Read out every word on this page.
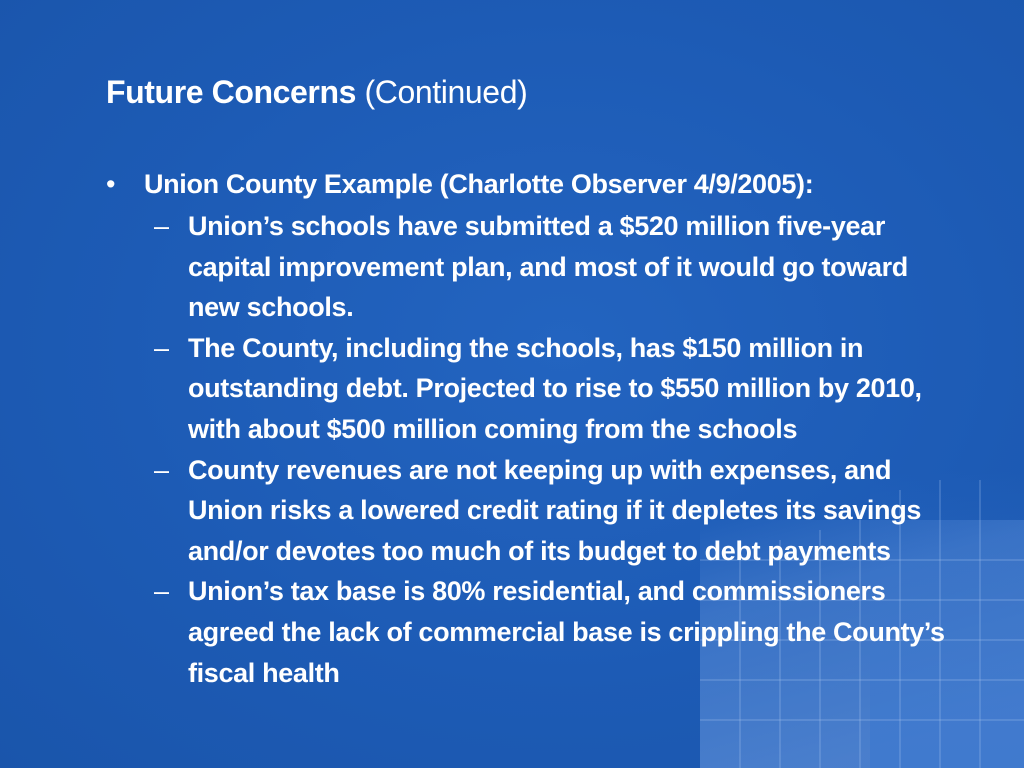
Future Concerns (Continued)
•	Union County Example (Charlotte Observer 4/9/2005):
– Union’s schools have submitted a $520 million five-year capital improvement plan, and most of it would go toward new schools.
– The County, including the schools, has $150 million in outstanding debt. Projected to rise to $550 million by 2010, with about $500 million coming from the schools
– County revenues are not keeping up with expenses, and Union risks a lowered credit rating if it depletes its savings and/or devotes too much of its budget to debt payments
– Union’s tax base is 80% residential, and commissioners agreed the lack of commercial base is crippling the County’s fiscal health
